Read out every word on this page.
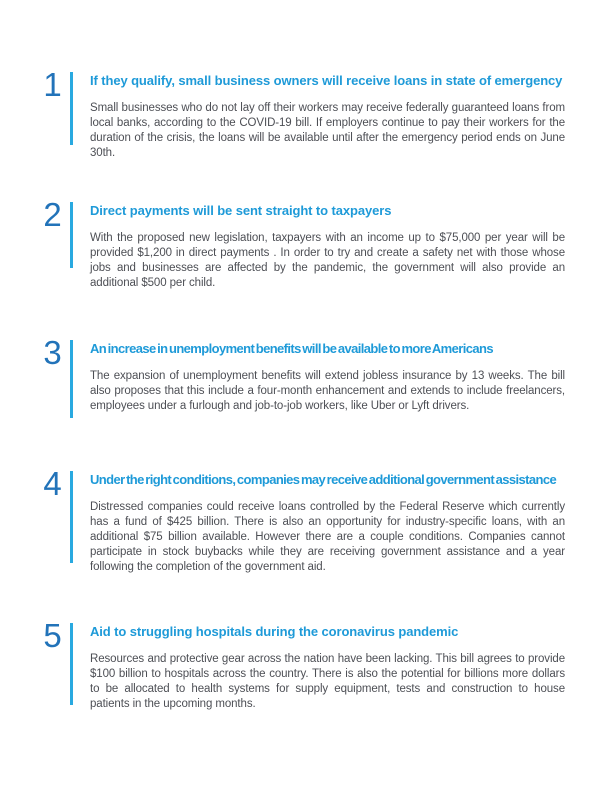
1 If they qualify, small business owners will receive loans in state of emergency

Small businesses who do not lay off their workers may receive federally guaranteed loans from local banks, according to the COVID-19 bill. If employers continue to pay their workers for the duration of the crisis, the loans will be available until after the emergency period ends on June 30th.

2 Direct payments will be sent straight to taxpayers

With the proposed new legislation, taxpayers with an income up to $75,000 per year will be provided $1,200 in direct payments . In order to try and create a safety net with those whose jobs and businesses are affected by the pandemic, the government will also provide an additional $500 per child.

3 An increase in unemployment benefits will be available to more Americans

The expansion of unemployment benefits will extend jobless insurance by 13 weeks. The bill also proposes that this include a four-month enhancement and extends to include freelancers, employees under a furlough and job-to-job workers, like Uber or Lyft drivers.

4 Under the right conditions, companies may receive additional government assistance

Distressed companies could receive loans controlled by the Federal Reserve which currently has a fund of $425 billion. There is also an opportunity for industry-specific loans, with an additional $75 billion available. However there are a couple conditions. Companies cannot participate in stock buybacks while they are receiving government assistance and a year following the completion of the government aid.

5 Aid to struggling hospitals during the coronavirus pandemic

Resources and protective gear across the nation have been lacking. This bill agrees to provide $100 billion to hospitals across the country. There is also the potential for billions more dollars to be allocated to health systems for supply equipment, tests and construction to house patients in the upcoming months.
